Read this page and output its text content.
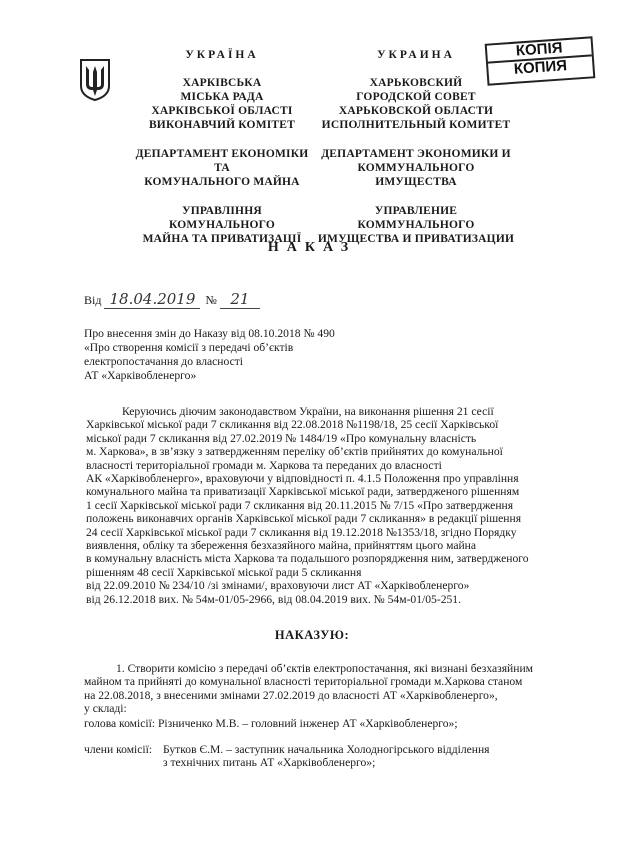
УКРАЇНА
ХАРКІВСЬКА
МІСЬКА РАДА
ХАРКІВСЬКОЇ ОБЛАСТІ
ВИКОНАВЧИЙ КОМІТЕТ
ДЕПАРТАМЕНТ ЕКОНОМІКИ ТА
КОМУНАЛЬНОГО МАЙНА
УПРАВЛІННЯ КОМУНАЛЬНОГО
МАЙНА ТА ПРИВАТИЗАЦІЇ
УКРАИНА
ХАРЬКОВСКИЙ
ГОРОДСКОЙ СОВЕТ
ХАРЬКОВСКОЙ ОБЛАСТИ
ИСПОЛНИТЕЛЬНЫЙ КОМИТЕТ
ДЕПАРТАМЕНТ ЭКОНОМИКИ И
КОММУНАЛЬНОГО ИМУЩЕСТВА
УПРАВЛЕНИЕ КОММУНАЛЬНОГО
ИМУЩЕСТВА И ПРИВАТИЗАЦИИ
КОПІЯ
КОПИЯ
НАКАЗ
Від 18.04.2019 № 21
Про внесення змін до Наказу від 08.10.2018 № 490
«Про створення комісії з передачі об’єктів
електропостачання до власності
АТ «Харківобленерго»
Керуючись діючим законодавством України, на виконання рішення 21 сесії
Харківської міської ради 7 скликання від 22.08.2018 №1198/18, 25 сесії Харківської
міської ради 7 скликання від 27.02.2019 № 1484/19 «Про комунальну власність
м. Харкова», в зв’язку з затвердженням переліку об’єктів прийнятих до комунальної
власності територіальної громади м. Харкова та переданих до власності
АК «Харківобленерго», враховуючи у відповідності п. 4.1.5 Положення про управління
комунального майна та приватизації Харківської міської ради, затвердженого рішенням
1 сесії Харківської міської ради 7 скликання від 20.11.2015 № 7/15 «Про затвердження
положень виконавчих органів Харківської міської ради 7 скликання» в редакції рішення
24 сесії Харківської міської ради 7 скликання від 19.12.2018 №1353/18, згідно Порядку
виявлення, обліку та збереження безхазяйного майна, прийняттям цього майна
в комунальну власність міста Харкова та подальшого розпорядження ним, затвердженого
рішенням 48 сесії Харківської міської ради 5 скликання
від 22.09.2010 № 234/10 /зі змінами/, враховуючи лист АТ «Харківобленерго»
від 26.12.2018 вих. № 54м-01/05-2966, від 08.04.2019 вих. № 54м-01/05-251.
НАКАЗУЮ:
1. Створити комісію з передачі об’єктів електропостачання, які визнані безхазяйним
майном та прийняті до комунальної власності територіальної громади м.Харкова станом
на 22.08.2018, з внесеними змінами 27.02.2019 до власності АТ «Харківобленерго»,
у складі:
голова комісії: Різниченко М.В. – головний інженер АТ «Харківобленерго»;
члени комісії: Бутков Є.М. – заступник начальника Холодногірського відділення
з технічних питань АТ «Харківобленерго»;
